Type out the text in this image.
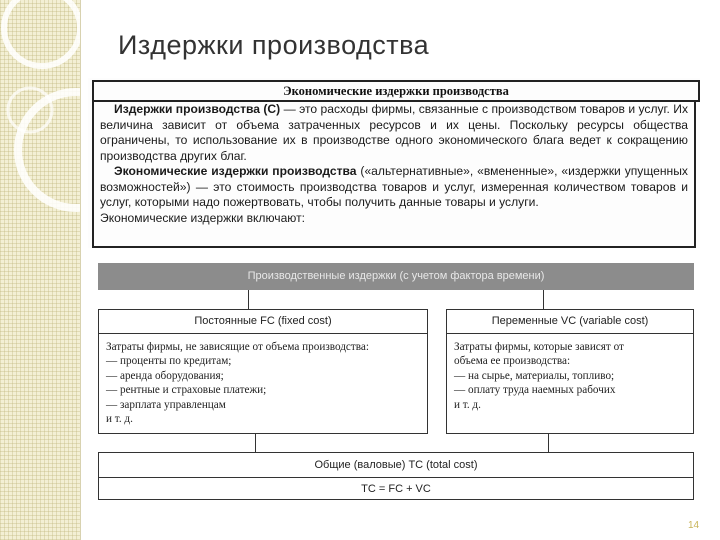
Издержки производства
Экономические издержки производства

Издержки производства (С) — это расходы фирмы, связанные с производством товаров и услуг. Их величина зависит от объема затраченных ресурсов и их цены. Поскольку ресурсы общества ограничены, то использование их в производстве одного экономического блага ведет к сокращению производства других благ.

Экономические издержки производства («альтернативные», «вмененные», «издержки упущенных возможностей») — это стоимость производства товаров и услуг, измеренная количеством товаров и услуг, которыми надо пожертвовать, чтобы получить данные товары и услуги.

Экономические издержки включают:

Производственные издержки (с учетом фактора времени)
Постоянные FC (fixed cost)
Затраты фирмы, не зависящие от объема производства:
— проценты по кредитам;
— аренда оборудования;
— рентные и страховые платежи;
— зарплата управленцам
и т. д.
Переменные VC (variable cost)
Затраты фирмы, которые зависят от
объема ее производства:
— на сырье, материалы, топливо;
— оплату труда наемных рабочих
и т. д.
Общие (валовые) TC (total cost)
TC = FC + VC
14
